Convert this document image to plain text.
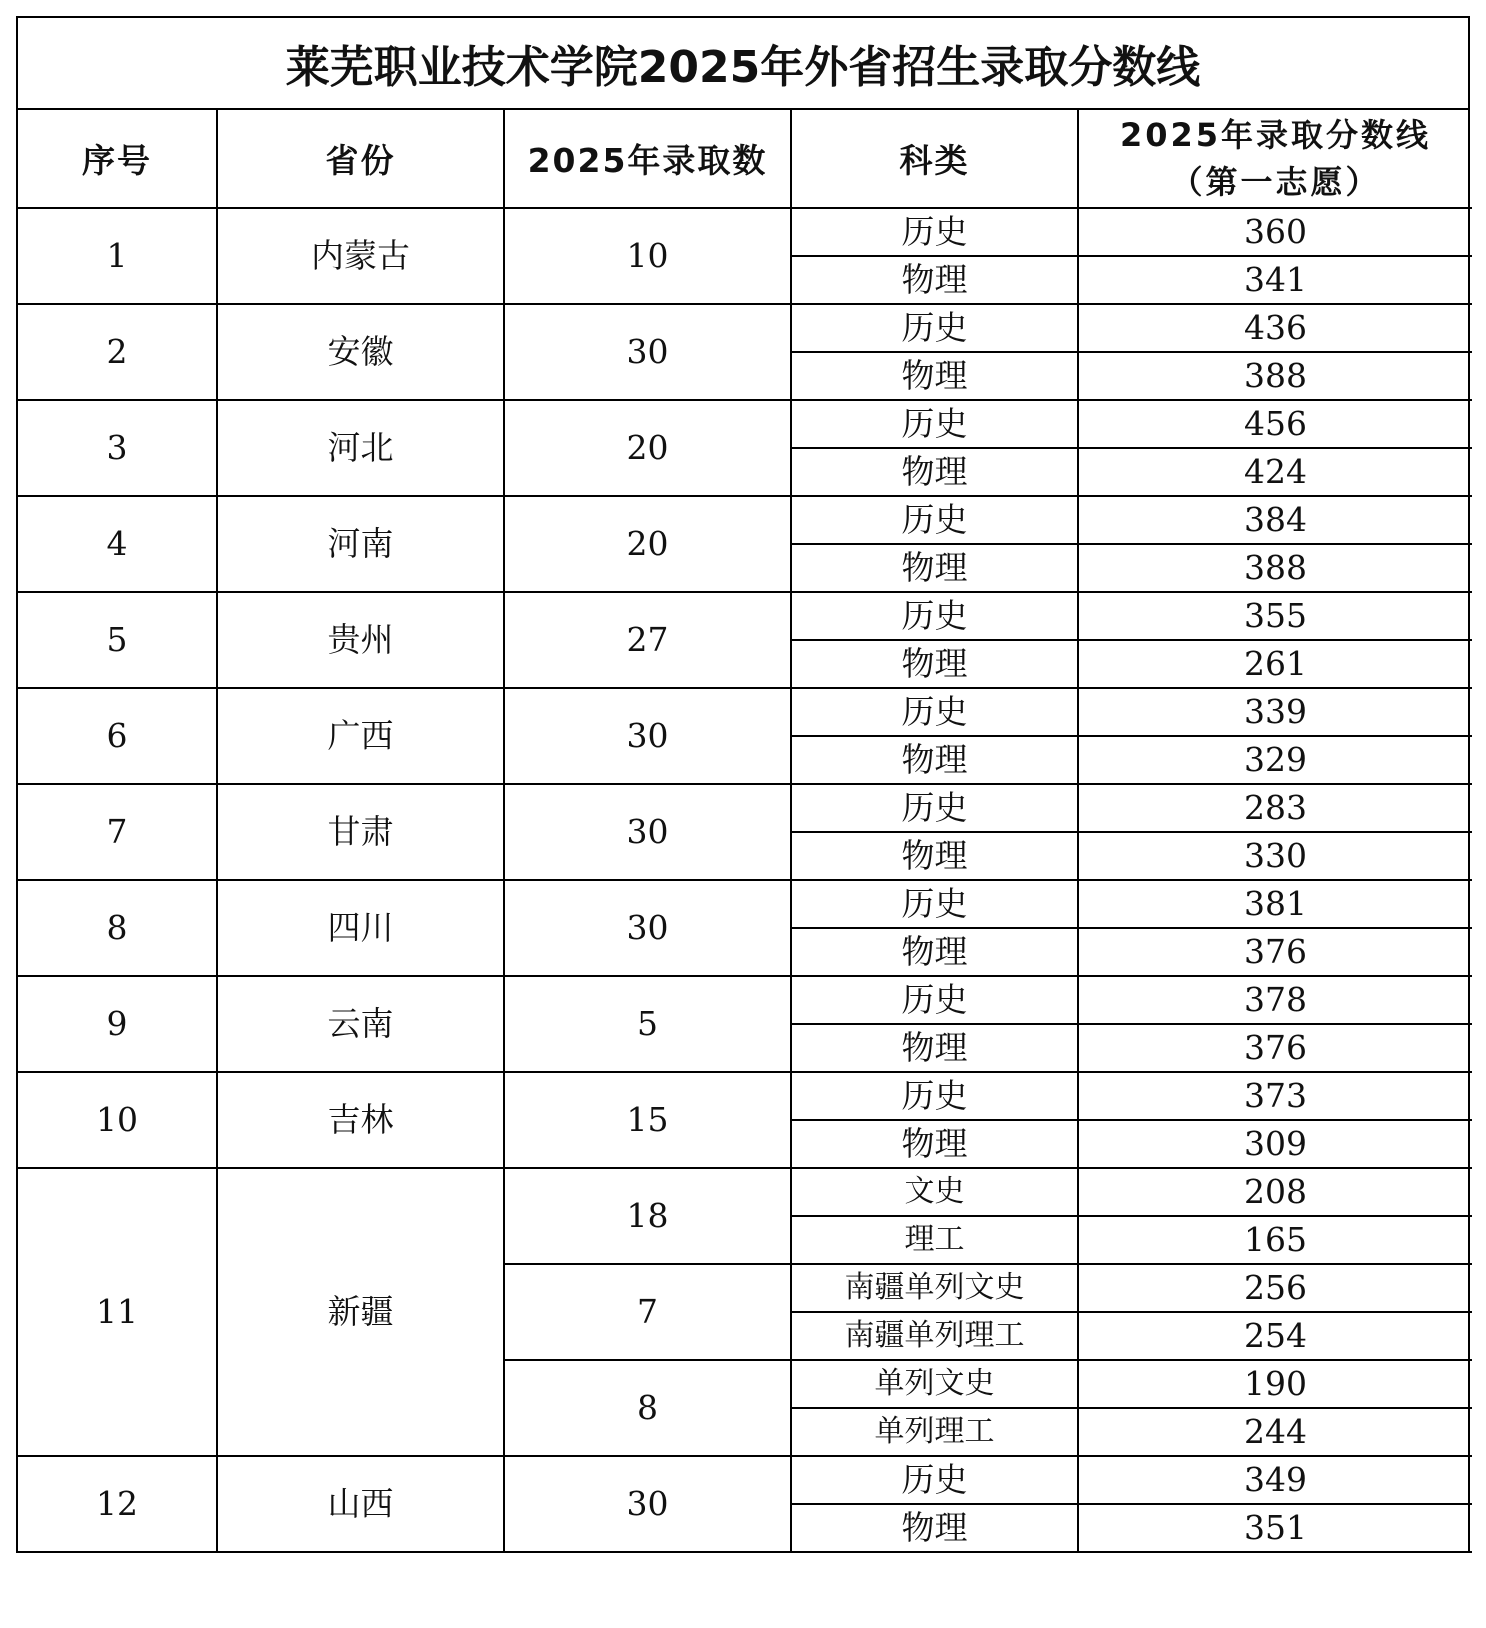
莱芜职业技术学院2025年外省招生录取分数线
序号	省份	2025年录取数	科类	2025年录取分数线
（第一志愿）

1	内蒙古	10	历史	360
			物理	341
2	安徽	30	历史	436
			物理	388
3	河北	20	历史	456
			物理	424
4	河南	20	历史	384
			物理	388
5	贵州	27	历史	355
			物理	261
6	广西	30	历史	339
			物理	329
7	甘肃	30	历史	283
			物理	330
8	四川	30	历史	381
			物理	376
9	云南	5	历史	378
			物理	376
10	吉林	15	历史	373
			物理	309
11	新疆	18	文史	208
			理工	165
		7	南疆单列文史	256
			南疆单列理工	254
		8	单列文史	190
			单列理工	244
12	山西	30	历史	349
			物理	351
